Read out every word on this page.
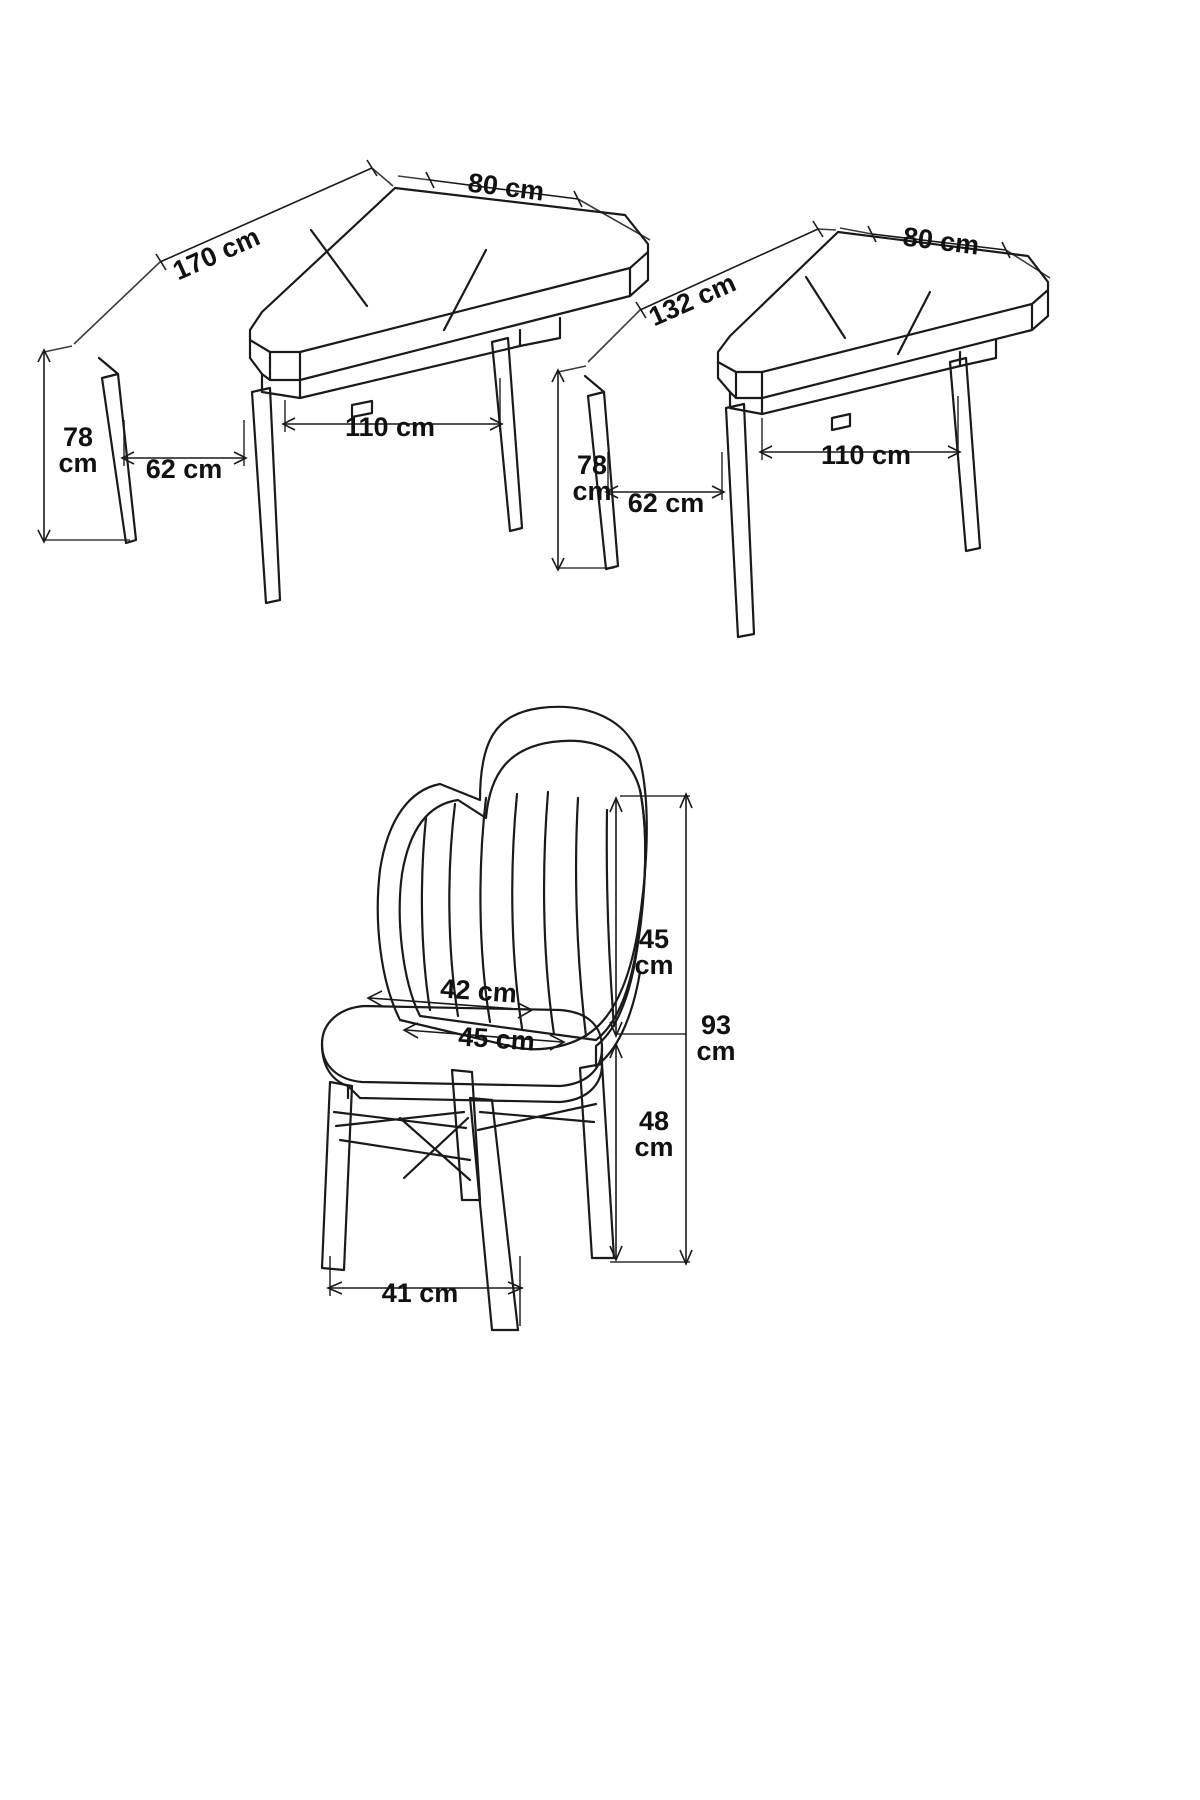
170 cm
80 cm
78
cm 62 cm
110 cm
132 cm
80 cm
78
cm 62 cm
110 cm
45
cm
93
cm
48
cm
42 cm
45 cm
41 cm
